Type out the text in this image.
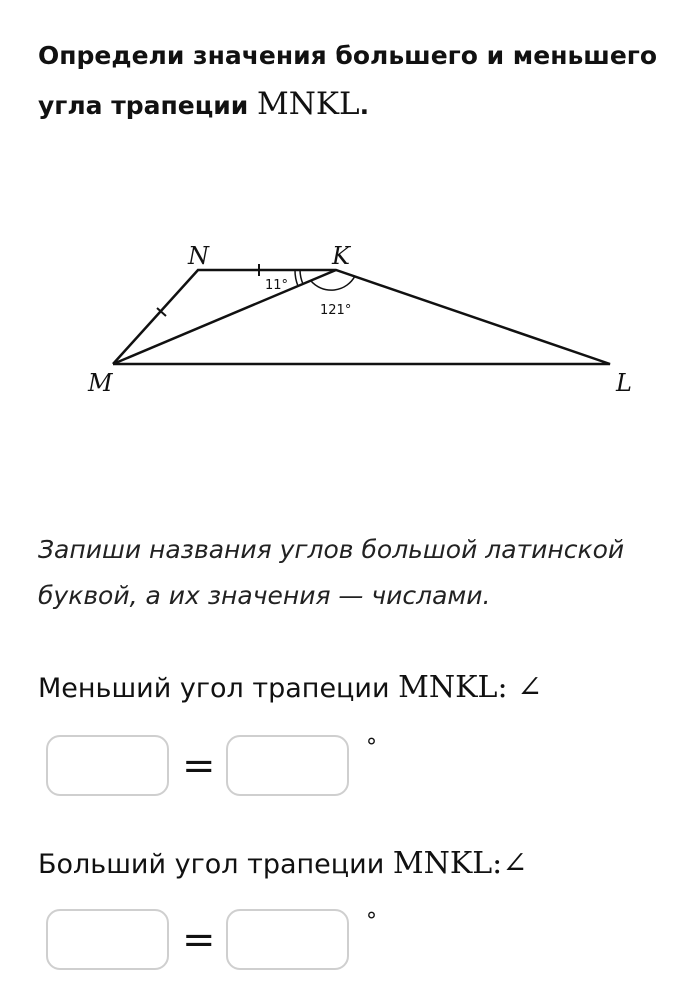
Определи значения большего и меньшего угла трапеции MNKL.
N	K
M	L
11°
121°
Запиши названия углов большой латинской буквой, а их значения — числами.
Меньший угол трапеции MNKL: ∠
=	°
Больший угол трапеции MNKL:∠
=	°
